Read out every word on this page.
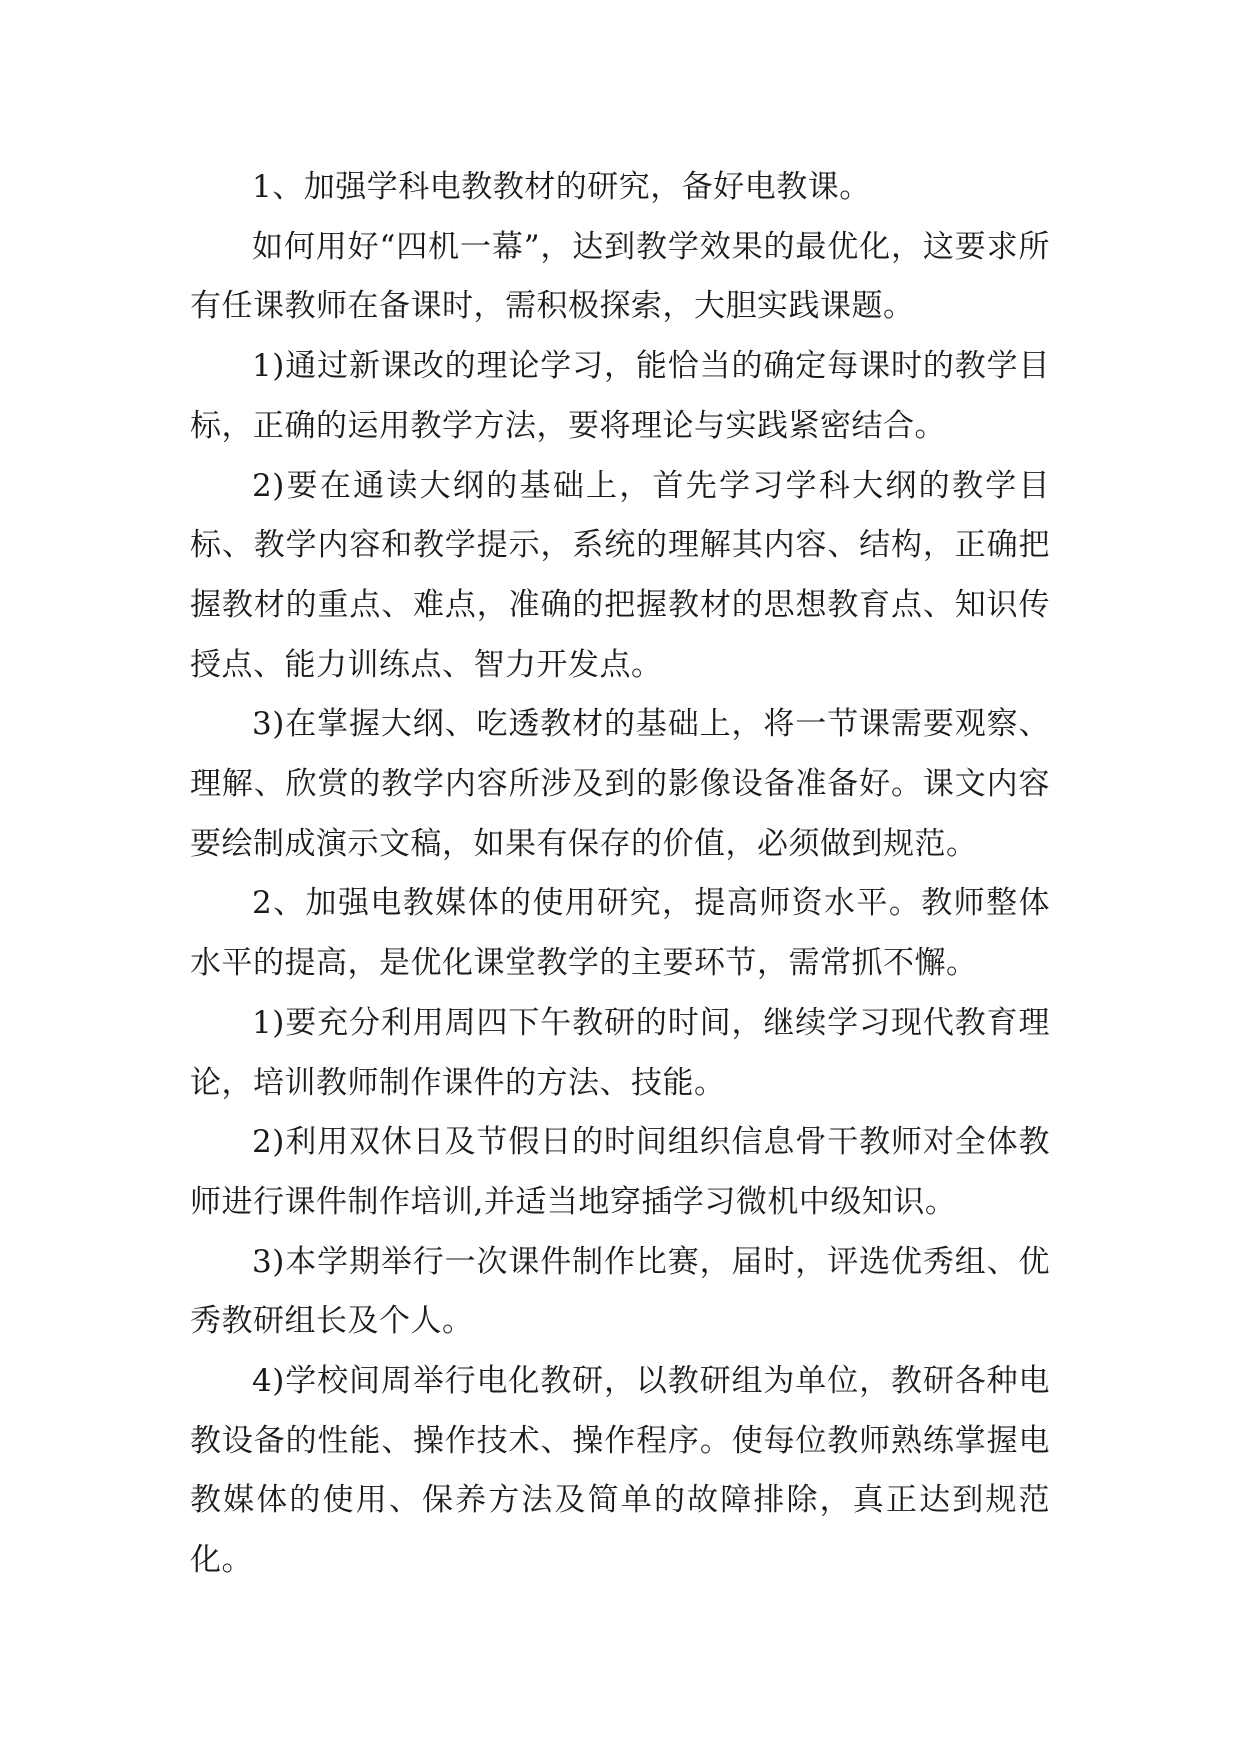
1、加强学科电教教材的研究，备好电教课。

如何用好“四机一幕”，达到教学效果的最优化，这要求所有任课教师在备课时，需积极探索，大胆实践课题。

1)通过新课改的理论学习，能恰当的确定每课时的教学目标，正确的运用教学方法，要将理论与实践紧密结合。

2)要在通读大纲的基础上，首先学习学科大纲的教学目标、教学内容和教学提示，系统的理解其内容、结构，正确把握教材的重点、难点，准确的把握教材的思想教育点、知识传授点、能力训练点、智力开发点。

3)在掌握大纲、吃透教材的基础上，将一节课需要观察、理解、欣赏的教学内容所涉及到的影像设备准备好。课文内容要绘制成演示文稿，如果有保存的价值，必须做到规范。

2、加强电教媒体的使用研究，提高师资水平。教师整体水平的提高，是优化课堂教学的主要环节，需常抓不懈。

1)要充分利用周四下午教研的时间，继续学习现代教育理论，培训教师制作课件的方法、技能。

2)利用双休日及节假日的时间组织信息骨干教师对全体教师进行课件制作培训,并适当地穿插学习微机中级知识。

3)本学期举行一次课件制作比赛，届时，评选优秀组、优秀教研组长及个人。

4)学校间周举行电化教研，以教研组为单位，教研各种电教设备的性能、操作技术、操作程序。使每位教师熟练掌握电教媒体的使用、保养方法及简单的故障排除，真正达到规范化。
